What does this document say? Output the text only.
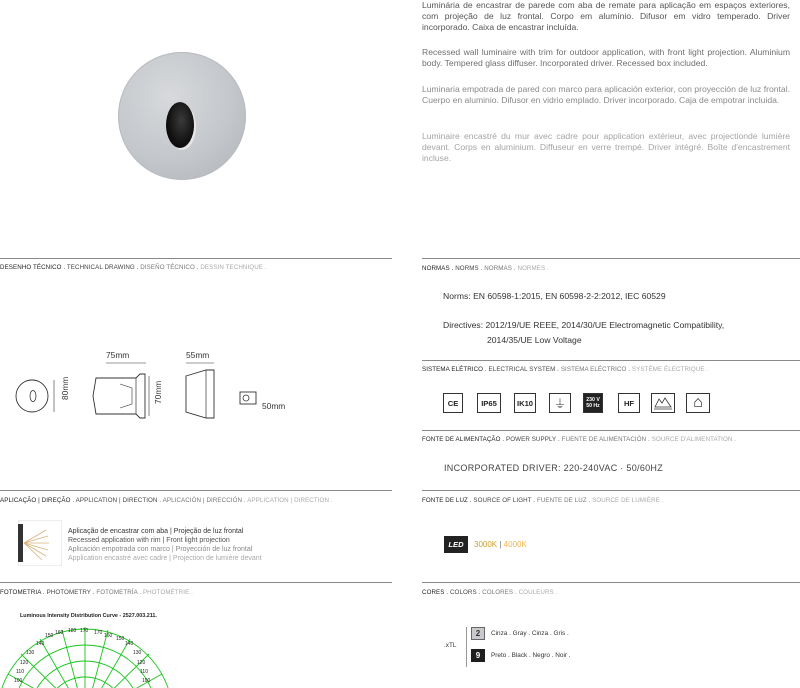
Luminária de encastrar de parede com aba de remate para aplicação em espaços exteriores, com projeção de luz frontal. Corpo em alumínio. Difusor em vidro temperado. Driver incorporado. Caixa de encastrar incluída.
Recessed wall luminaire with trim for outdoor application, with front light projection. Aluminium body. Tempered glass diffuser. Incorporated driver. Recessed box included.
Luminaria empotrada de pared con marco para aplicación exterior, con proyección de luz frontal. Cuerpo en aluminio. Difusor en vidrio emplado. Driver incorporado. Caja de empotrar incluida.
Luminaire encastré du mur avec cadre pour application extérieur, avec projectionde lumière devant. Corps en aluminium. Diffuseur en verre trempé. Driver intégré. Boîte d'encastrement incluse.
DESENHO TÉCNICO . TECHNICAL DRAWING . DISEÑO TÉCNICO . DESSIN TECHNIQUE .
75mm	55mm
80mm	70mm
50mm
APLICAÇÃO | DIREÇÃO . APPLICATION | DIRECTION . APLICACIÓN | DIRECCIÓN . APPLICATION | DIRECTION .
Aplicação de encastrar com aba | Projeção de luz frontal
Recessed application with rim | Front light projection
Aplicación empotrada con marco | Proyección de luz frontal
Application encastré avec cadre | Projection de lumière devant
FOTOMETRIA . PHOTOMETRY . FOTOMETRÍA . PHOTOMÉTRIE .
Luminous Intensity Distribution Curve - 2527.003.211.
180
160
150
170 170 160 150
140
130
120
110
100
140
130
120
110
100
NORMAS . NORMS . NORMAS . NORMES .
Norms: EN 60598-1:2015, EN 60598-2-2:2012, IEC 60529
Directives: 2012/19/UE REEE, 2014/30/UE Electromagnetic Compatibility,
2014/35/UE Low Voltage
SISTEMA ELÉTRICO . ELECTRICAL SYSTEM . SISTEMA ELÉCTRICO . SYSTÈME ÉLECTRIQUE .
CE	IP65	IK10	⏚	230 V
50 Hz	HF	⌂
FONTE DE ALIMENTAÇÃO . POWER SUPPLY . FUENTE DE ALIMENTACIÓN . SOURCE D'ALIMENTATION .
INCORPORATED DRIVER: 220-240VAC · 50/60HZ
FONTE DE LUZ . SOURCE OF LIGHT . FUENTE DE LUZ . SOURCE DE LUMIÈRE .
LED	3000K | 4000K
CORES . COLORS . COLORES . COULEURS .
.xTL
2	Cinza . Gray . Cinza . Gris .
9	Preto . Black . Negro . Noir .
